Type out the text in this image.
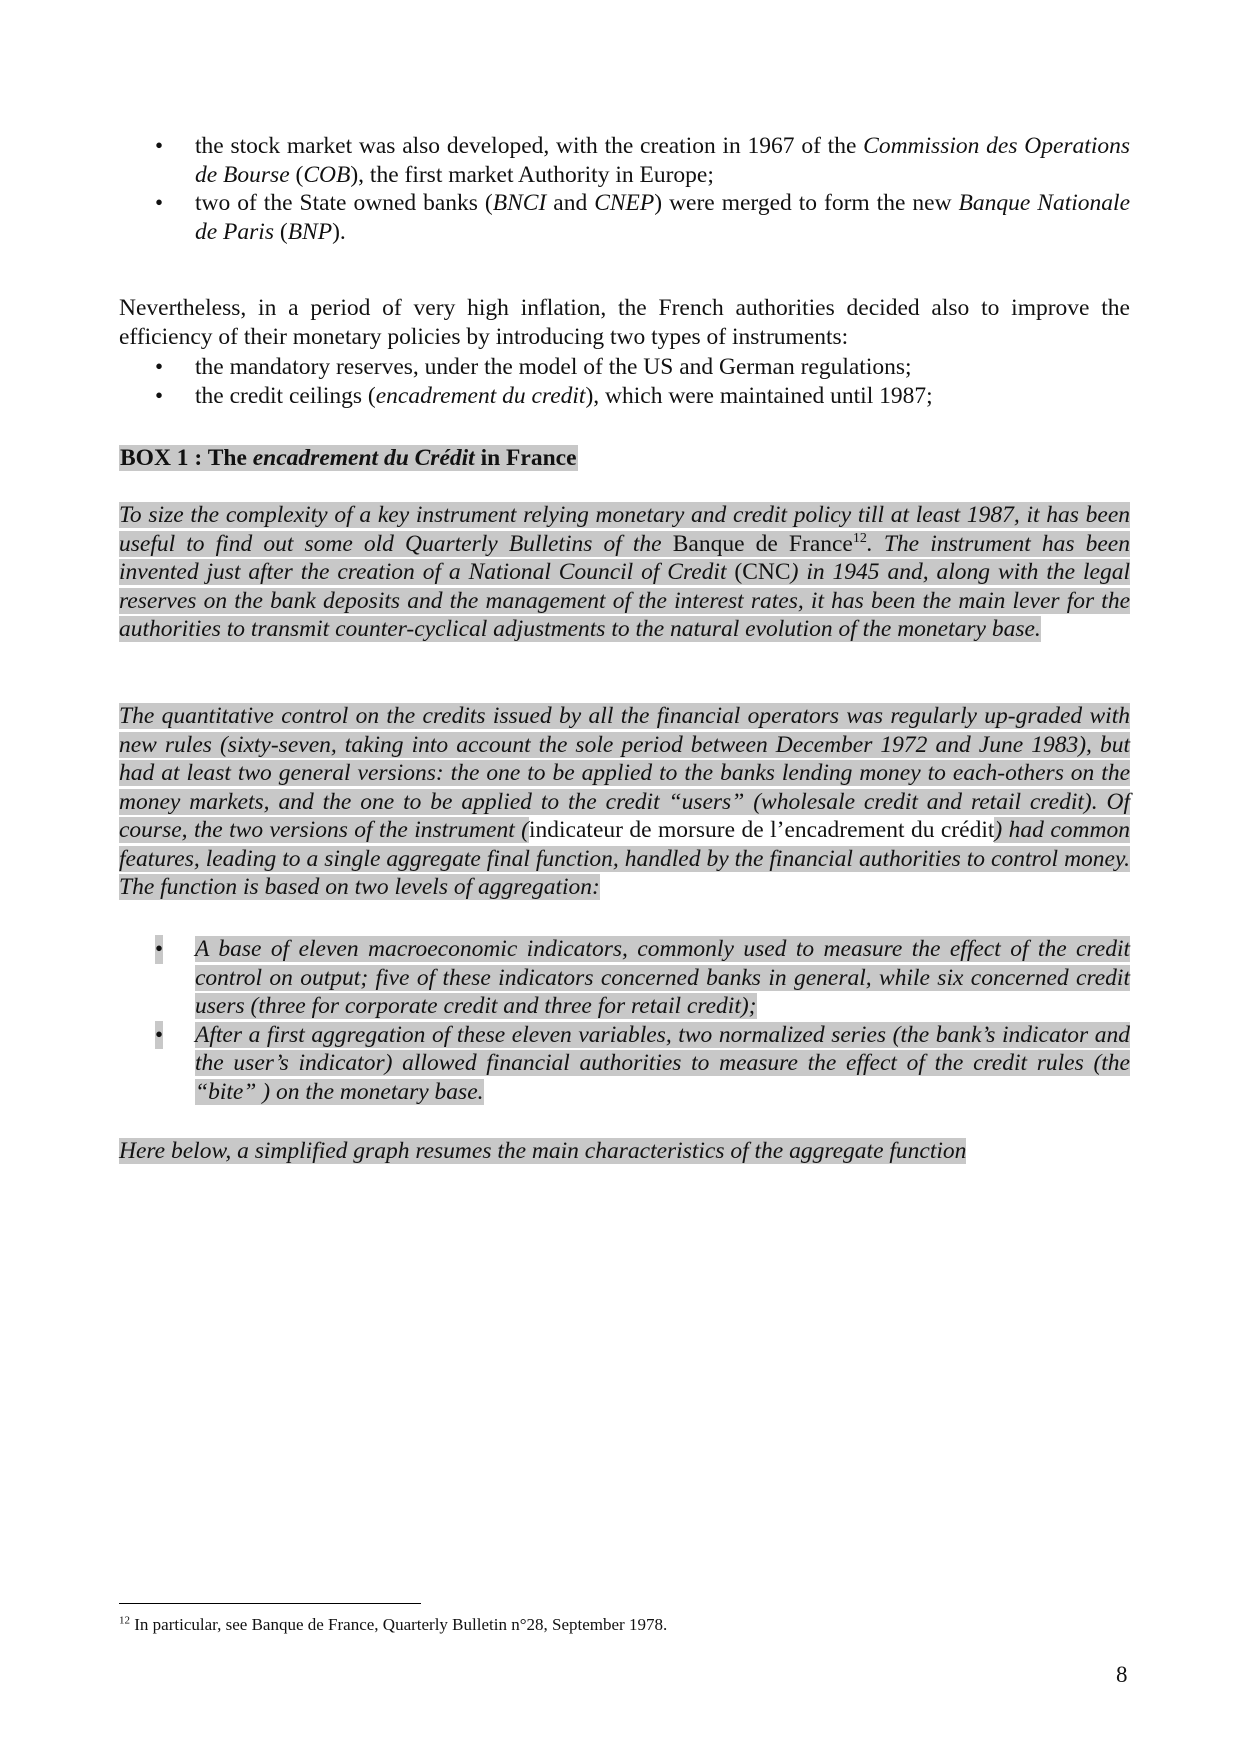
• the stock market was also developed, with the creation in 1967 of the Commission des Operations de Bourse (COB), the first market Authority in Europe;
• two of the State owned banks (BNCI and CNEP) were merged to form the new Banque Nationale de Paris (BNP).
Nevertheless, in a period of very high inflation, the French authorities decided also to improve the efficiency of their monetary policies by introducing two types of instruments:
• the mandatory reserves, under the model of the US and German regulations;
• the credit ceilings (encadrement du credit), which were maintained until 1987;
BOX 1 : The encadrement du Crédit in France
To size the complexity of a key instrument relying monetary and credit policy till at least 1987, it has been useful to find out some old Quarterly Bulletins of the Banque de France$^{12}$. The instrument has been invented just after the creation of a National Council of Credit (CNC) in 1945 and, along with the legal reserves on the bank deposits and the management of the interest rates, it has been the main lever for the authorities to transmit counter-cyclical adjustments to the natural evolution of the monetary base.
The quantitative control on the credits issued by all the financial operators was regularly up-graded with new rules (sixty-seven, taking into account the sole period between December 1972 and June 1983), but had at least two general versions: the one to be applied to the banks lending money to each-others on the money markets, and the one to be applied to the credit “users” (wholesale credit and retail credit). Of course, the two versions of the instrument (indicateur de morsure de l’encadrement du crédit) had common features, leading to a single aggregate final function, handled by the financial authorities to control money. The function is based on two levels of aggregation:
• A base of eleven macroeconomic indicators, commonly used to measure the effect of the credit control on output; five of these indicators concerned banks in general, while six concerned credit users (three for corporate credit and three for retail credit);
• After a first aggregation of these eleven variables, two normalized series (the bank’s indicator and the user’s indicator) allowed financial authorities to measure the effect of the credit rules (the “bite” ) on the monetary base.
Here below, a simplified graph resumes the main characteristics of the aggregate function
$^{12}$ In particular, see Banque de France, Quarterly Bulletin n°28, September 1978.
8
